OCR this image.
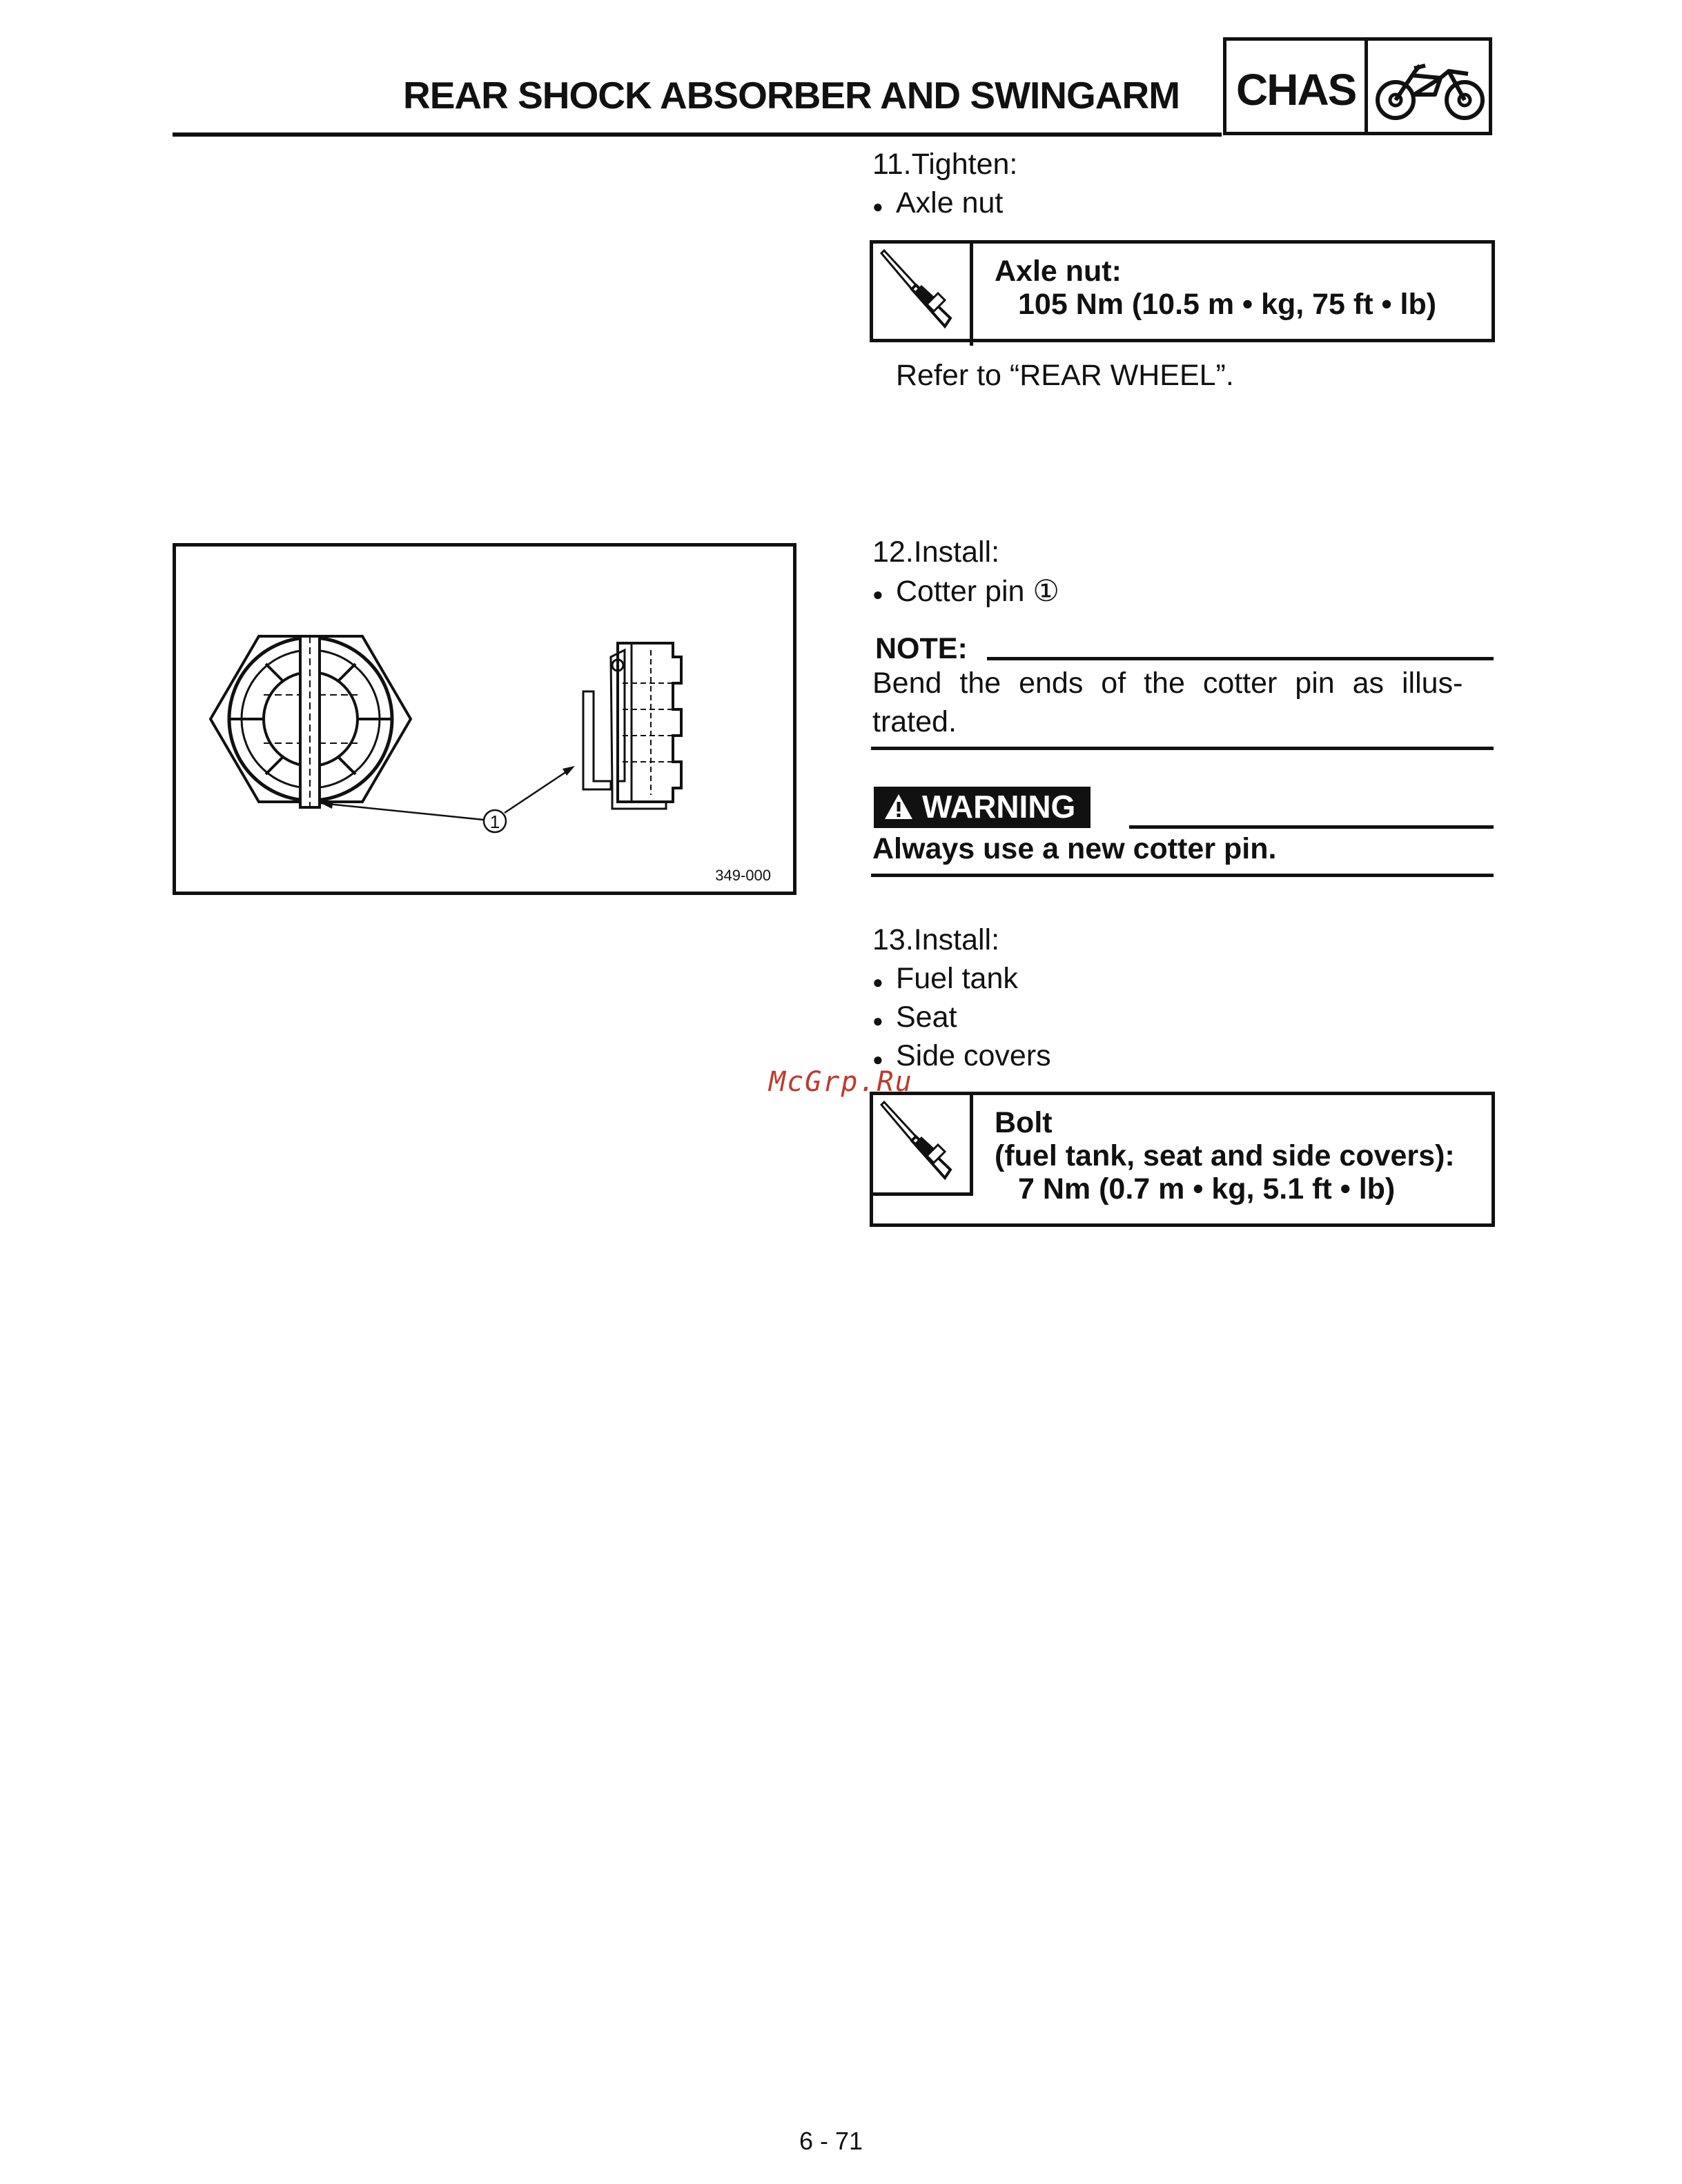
REAR SHOCK ABSORBER AND SWINGARM CHAS
11.Tighten:
● Axle nut
Axle nut:
105 Nm (10.5 m • kg, 75 ft • lb)
Refer to “REAR WHEEL”.
1
349-000
12.Install:
● Cotter pin ①
NOTE:
Bend the ends of the cotter pin as illus-
trated.
WARNING
Always use a new cotter pin.
13.Install:
● Fuel tank
● Seat
● Side covers
Bolt
(fuel tank, seat and side covers):
7 Nm (0.7 m • kg, 5.1 ft • lb)
McGrp.Ru
6 - 71
